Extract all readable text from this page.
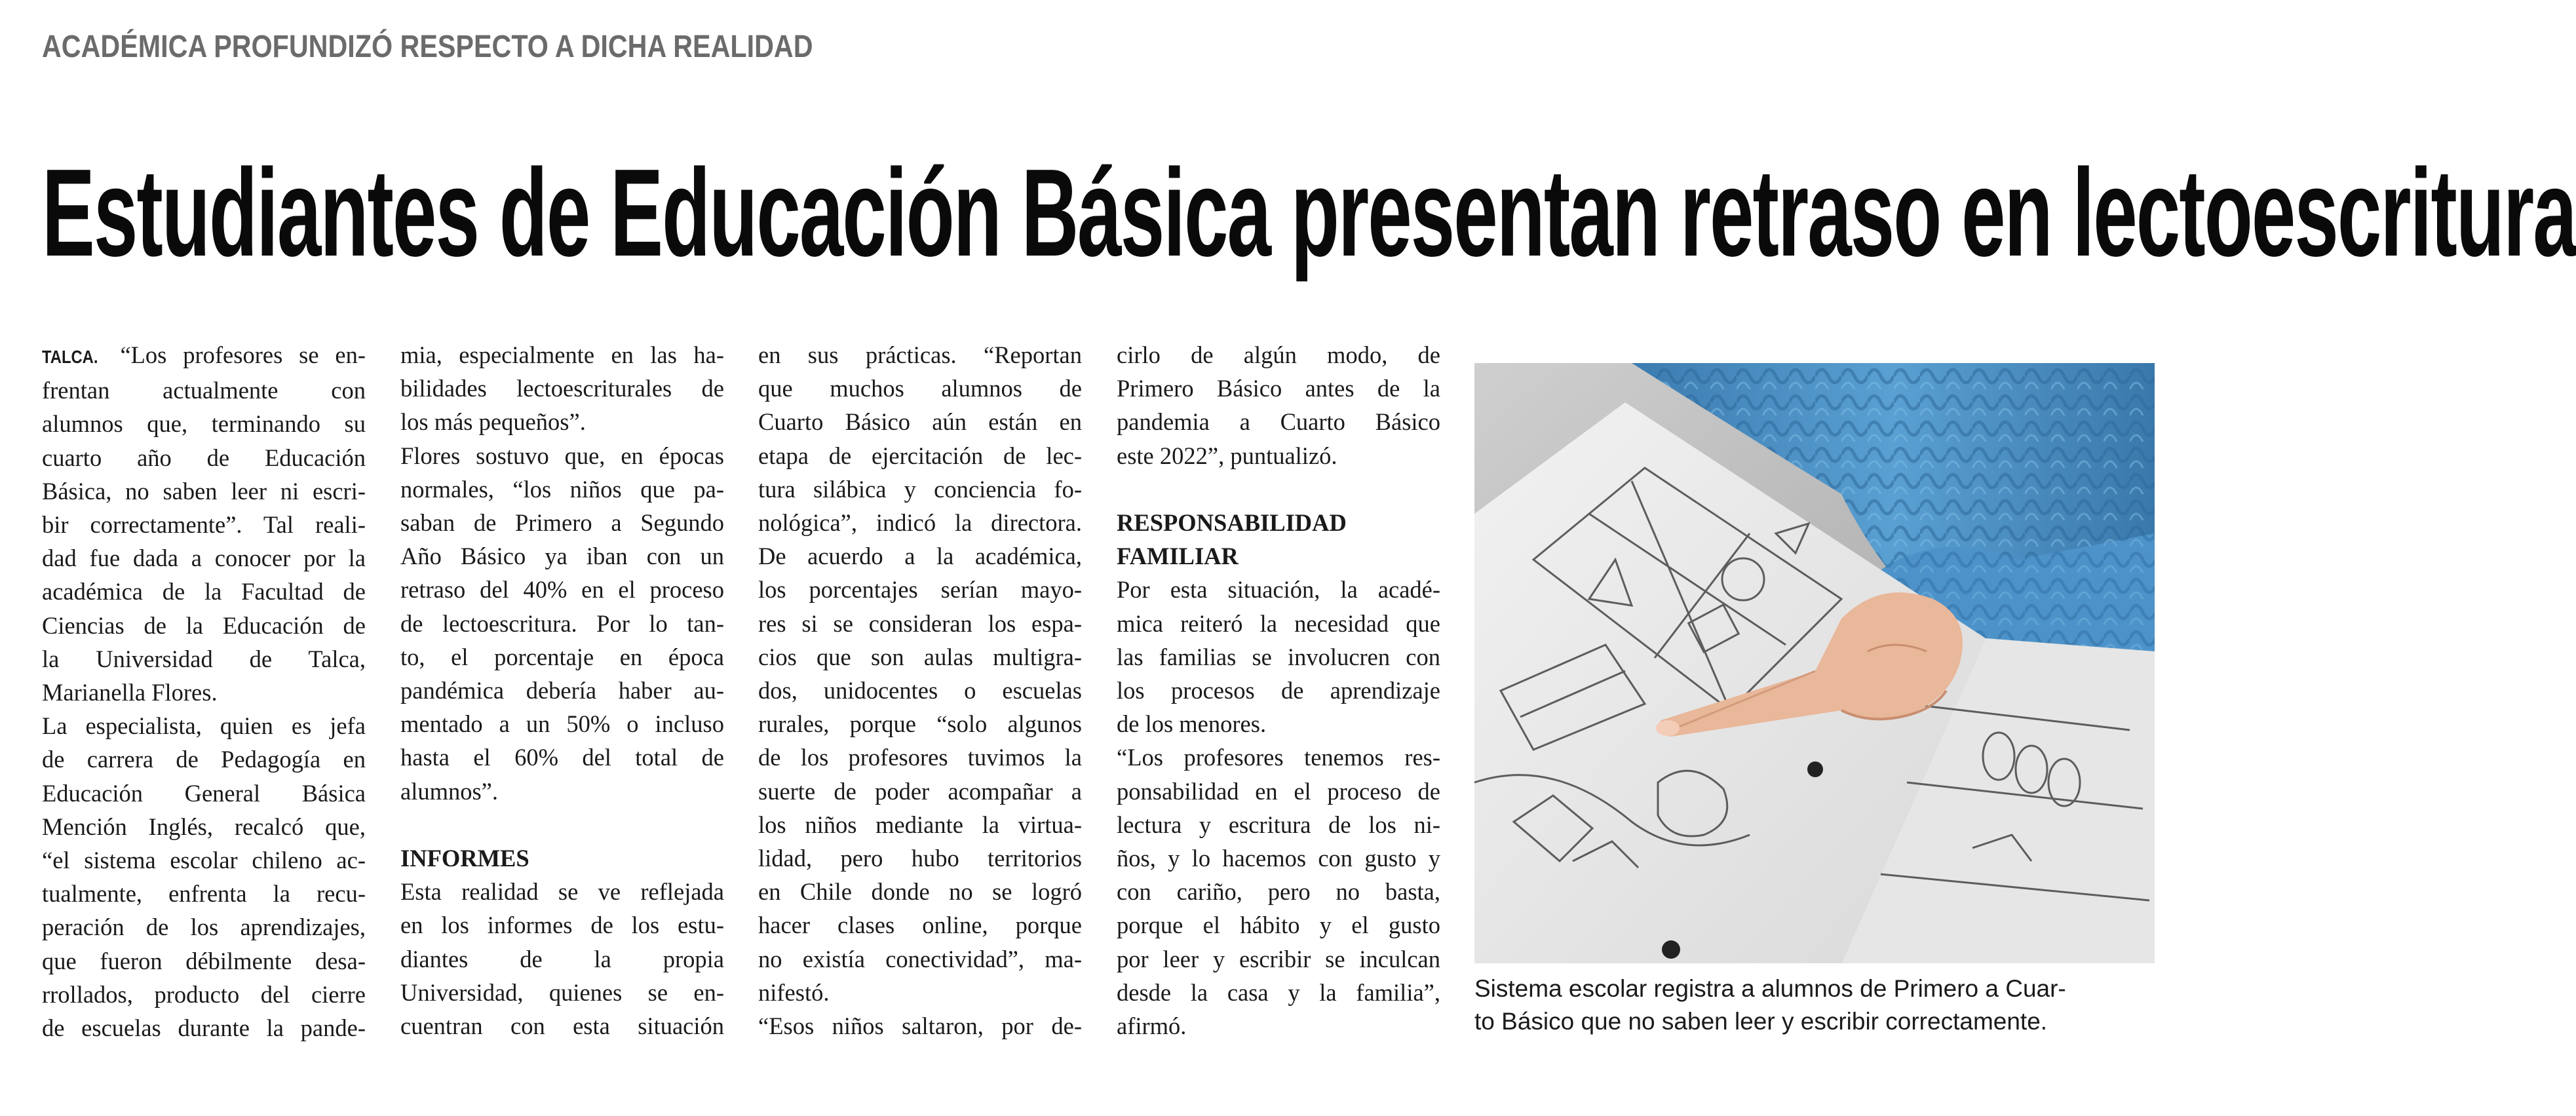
ACADÉMICA PROFUNDIZÓ RESPECTO A DICHA REALIDAD
Estudiantes de Educación Básica presentan retraso en lectoescritura
TALCA. “Los profesores se en-
frentan actualmente con
alumnos que, terminando su
cuarto año de Educación
Básica, no saben leer ni escri-
bir correctamente”. Tal reali-
dad fue dada a conocer por la
académica de la Facultad de
Ciencias de la Educación de
la Universidad de Talca,
Marianella Flores.
La especialista, quien es jefa
de carrera de Pedagogía en
Educación General Básica
Mención Inglés, recalcó que,
“el sistema escolar chileno ac-
tualmente, enfrenta la recu-
peración de los aprendizajes,
que fueron débilmente desa-
rrollados, producto del cierre
de escuelas durante la pande-
mia, especialmente en las ha-
bilidades lectoescriturales de
los más pequeños”.
Flores sostuvo que, en épocas
normales, “los niños que pa-
saban de Primero a Segundo
Año Básico ya iban con un
retraso del 40% en el proceso
de lectoescritura. Por lo tan-
to, el porcentaje en época
pandémica debería haber au-
mentado a un 50% o incluso
hasta el 60% del total de
alumnos”.
INFORMES
Esta realidad se ve reflejada
en los informes de los estu-
diantes de la propia
Universidad, quienes se en-
cuentran con esta situación
en sus prácticas. “Reportan
que muchos alumnos de
Cuarto Básico aún están en
etapa de ejercitación de lec-
tura silábica y conciencia fo-
nológica”, indicó la directora.
De acuerdo a la académica,
los porcentajes serían mayo-
res si se consideran los espa-
cios que son aulas multigra-
dos, unidocentes o escuelas
rurales, porque “solo algunos
de los profesores tuvimos la
suerte de poder acompañar a
los niños mediante la virtua-
lidad, pero hubo territorios
en Chile donde no se logró
hacer clases online, porque
no existía conectividad”, ma-
nifestó.
“Esos niños saltaron, por de-
cirlo de algún modo, de
Primero Básico antes de la
pandemia a Cuarto Básico
este 2022”, puntualizó.
RESPONSABILIDAD
FAMILIAR
Por esta situación, la acadé-
mica reiteró la necesidad que
las familias se involucren con
los procesos de aprendizaje
de los menores.
“Los profesores tenemos res-
ponsabilidad en el proceso de
lectura y escritura de los ni-
ños, y lo hacemos con gusto y
con cariño, pero no basta,
porque el hábito y el gusto
por leer y escribir se inculcan
desde la casa y la familia”,
afirmó.
Sistema escolar registra a alumnos de Primero a Cuar-
to Básico que no saben leer y escribir correctamente.
